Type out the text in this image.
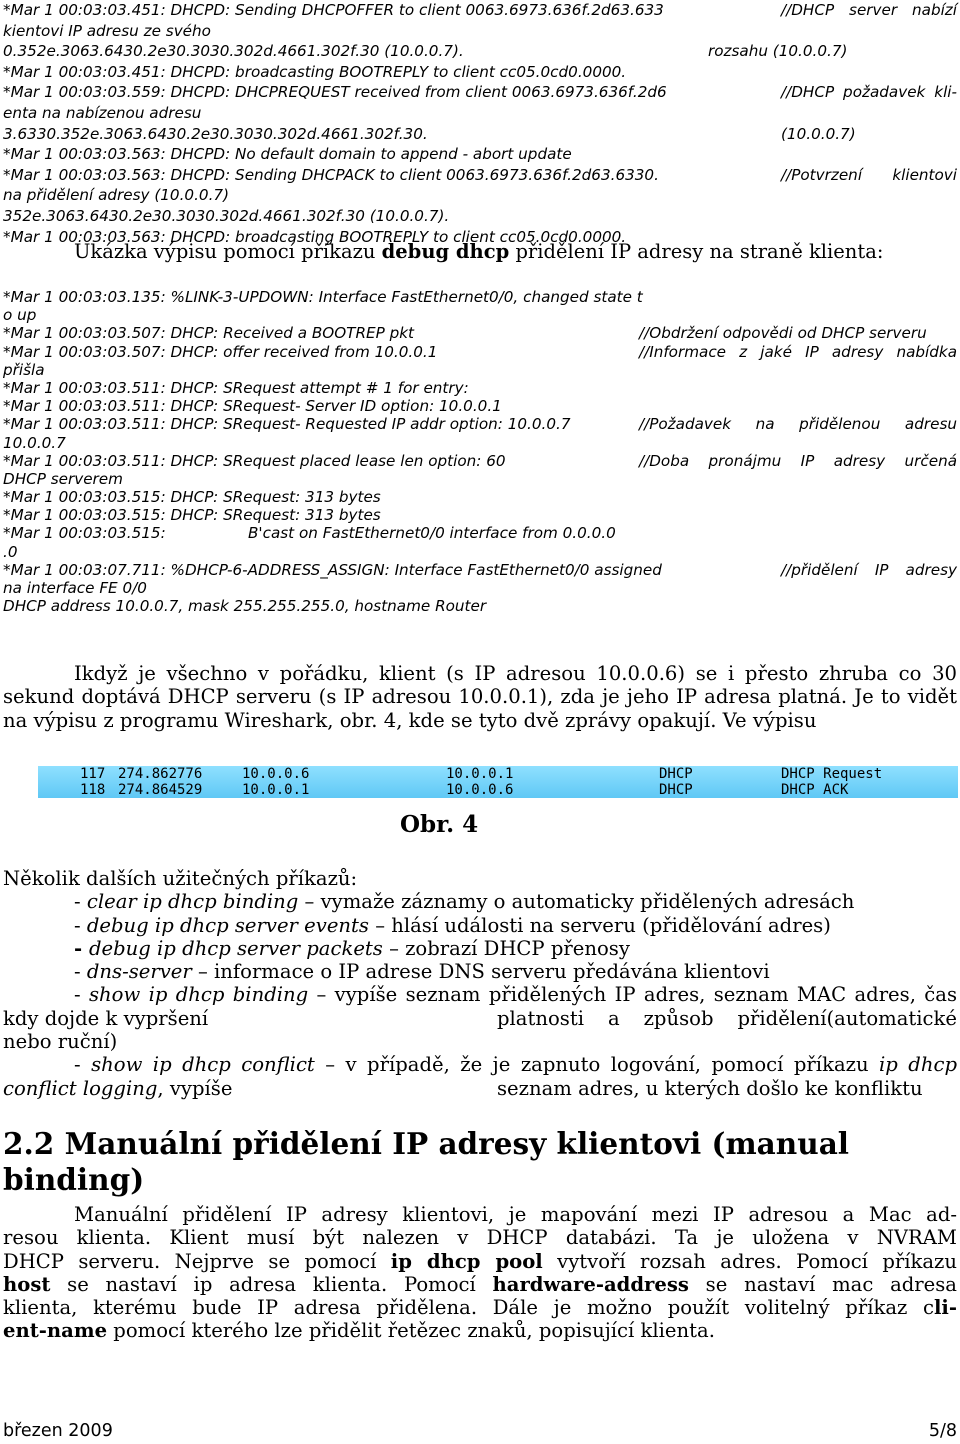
*Mar 1 00:03:03.451: DHCPD: Sending DHCPOFFER to client 0063.6973.636f.2d63.633	//DHCP server nabízí
kientovi IP adresu ze svého
0.352e.3063.6430.2e30.3030.302d.4661.302f.30 (10.0.0.7).	rozsahu (10.0.0.7)
*Mar 1 00:03:03.451: DHCPD: broadcasting BOOTREPLY to client cc05.0cd0.0000.
*Mar 1 00:03:03.559: DHCPD: DHCPREQUEST received from client 0063.6973.636f.2d6	//DHCP požadavek kli-
enta na nabízenou adresu
3.6330.352e.3063.6430.2e30.3030.302d.4661.302f.30.	(10.0.0.7)
*Mar 1 00:03:03.563: DHCPD: No default domain to append - abort update
*Mar 1 00:03:03.563: DHCPD: Sending DHCPACK to client 0063.6973.636f.2d63.6330.	//Potvrzení klientovi
na přidělení adresy (10.0.0.7)
352e.3063.6430.2e30.3030.302d.4661.302f.30 (10.0.0.7).
*Mar 1 00:03:03.563: DHCPD: broadcasting BOOTREPLY to client cc05.0cd0.0000.
Ukázka výpisu pomocí příkazu debug dhcp přidělení IP adresy na straně klienta:
*Mar 1 00:03:03.135: %LINK-3-UPDOWN: Interface FastEthernet0/0, changed state t
o up
*Mar 1 00:03:03.507: DHCP: Received a BOOTREP pkt	//Obdržení odpovědi od DHCP serveru
*Mar 1 00:03:03.507: DHCP: offer received from 10.0.0.1	//Informace z jaké IP adresy nabídka
přišla
*Mar 1 00:03:03.511: DHCP: SRequest attempt # 1 for entry:
*Mar 1 00:03:03.511: DHCP: SRequest- Server ID option: 10.0.0.1
*Mar 1 00:03:03.511: DHCP: SRequest- Requested IP addr option: 10.0.0.7	//Požadavek na přidělenou adresu
10.0.0.7
*Mar 1 00:03:03.511: DHCP: SRequest placed lease len option: 60	//Doba pronájmu IP adresy určená
DHCP serverem
*Mar 1 00:03:03.515: DHCP: SRequest: 313 bytes
*Mar 1 00:03:03.515: DHCP: SRequest: 313 bytes
*Mar 1 00:03:03.515:	B'cast on FastEthernet0/0 interface from 0.0.0.0
.0
*Mar 1 00:03:07.711: %DHCP-6-ADDRESS_ASSIGN: Interface FastEthernet0/0 assigned	//přidělení IP adresy
na interface FE 0/0
DHCP address 10.0.0.7, mask 255.255.255.0, hostname Router
Ikdyž je všechno v pořádku, klient (s IP adresou 10.0.0.6) se i přesto zhruba co 30
sekund doptává DHCP serveru (s IP adresou 10.0.0.1), zda je jeho IP adresa platná. Je to vidět
na výpisu z programu Wireshark, obr. 4, kde se tyto dvě zprávy opakují. Ve výpisu
117 274.862776	10.0.0.6	10.0.0.1	DHCP	DHCP Request
118 274.864529	10.0.0.1	10.0.0.6	DHCP	DHCP ACK
Obr. 4
Několik dalších užitečných příkazů:
- clear ip dhcp binding – vymaže záznamy o automaticky přidělených adresách
- debug ip dhcp server events – hlásí události na serveru (přidělování adres)
- debug ip dhcp server packets – zobrazí DHCP přenosy
- dns-server – informace o IP adrese DNS serveru předávána klientovi
- show ip dhcp binding – vypíše seznam přidělených IP adres, seznam MAC adres, čas
kdy dojde k vypršení	platnosti a způsob přidělení(automatické
nebo ruční)
- show ip dhcp conflict – v případě, že je zapnuto logování, pomocí příkazu ip dhcp
conflict logging, vypíše	seznam adres, u kterých došlo ke konfliktu
2.2 Manuální přidělení IP adresy klientovi (manual binding)
Manuální přidělení IP adresy klientovi, je mapování mezi IP adresou a Mac ad-
resou klienta. Klient musí být nalezen v DHCP databázi. Ta je uložena v NVRAM
DHCP serveru. Nejprve se pomocí ip dhcp pool vytvoří rozsah adres. Pomocí příkazu
host se nastaví ip adresa klienta. Pomocí hardware-address se nastaví mac adresa
klienta, kterému bude IP adresa přidělena. Dále je možno použít volitelný příkaz cli-
ent-name pomocí kterého lze přidělit řetězec znaků, popisující klienta.
březen 2009	5/8
